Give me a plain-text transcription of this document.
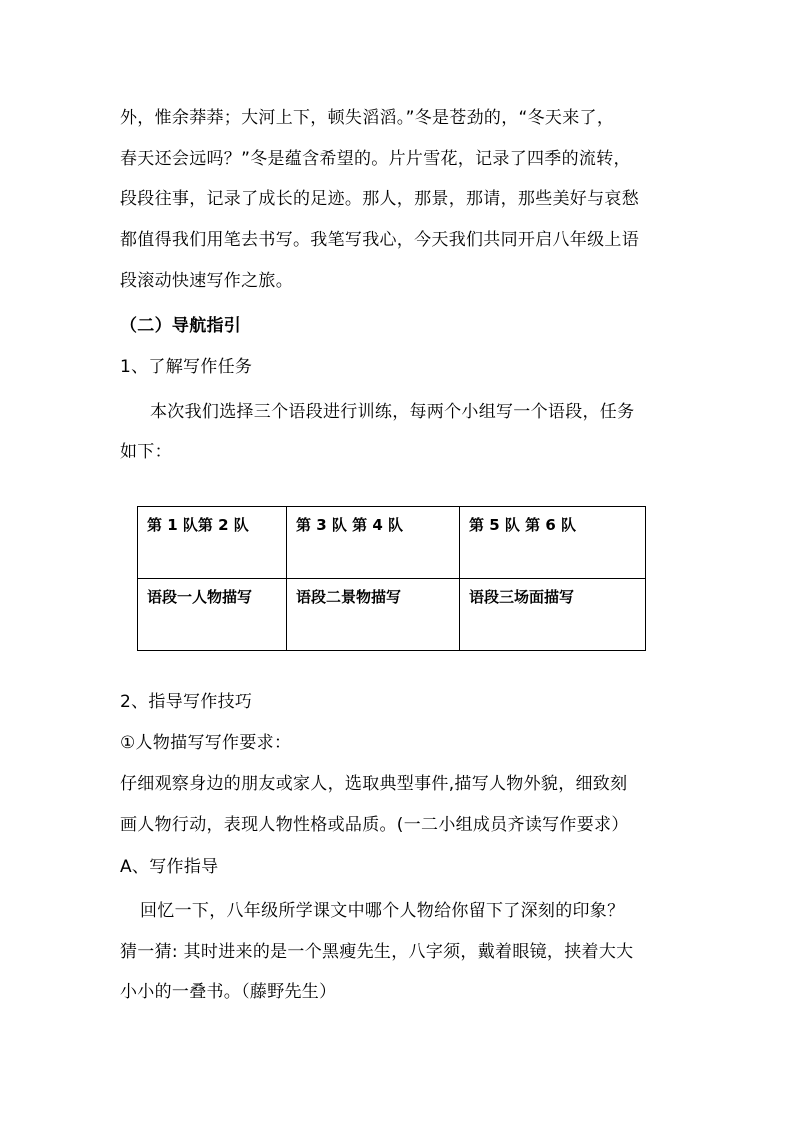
外，惟余莽莽；大河上下，顿失滔滔。”冬是苍劲的，“冬天来了，
春天还会远吗？”冬是蕴含希望的。片片雪花，记录了四季的流转，
段段往事，记录了成长的足迹。那人，那景，那请，那些美好与哀愁
都值得我们用笔去书写。我笔写我心，今天我们共同开启八年级上语
段滚动快速写作之旅。
（二）导航指引
1、了解写作任务
本次我们选择三个语段进行训练，每两个小组写一个语段，任务
如下：
第 1 队第 2 队	第 3 队 第 4 队	第 5 队 第 6 队
语段一人物描写	语段二景物描写	语段三场面描写
2、指导写作技巧
①人物描写写作要求：
仔细观察身边的朋友或家人，选取典型事件,描写人物外貌，细致刻
画人物行动，表现人物性格或品质。(一二小组成员齐读写作要求）
A、写作指导
回忆一下，八年级所学课文中哪个人物给你留下了深刻的印象？
猜一猜: 其时进来的是一个黑瘦先生，八字须，戴着眼镜，挟着大大
小小的一叠书。（藤野先生）
